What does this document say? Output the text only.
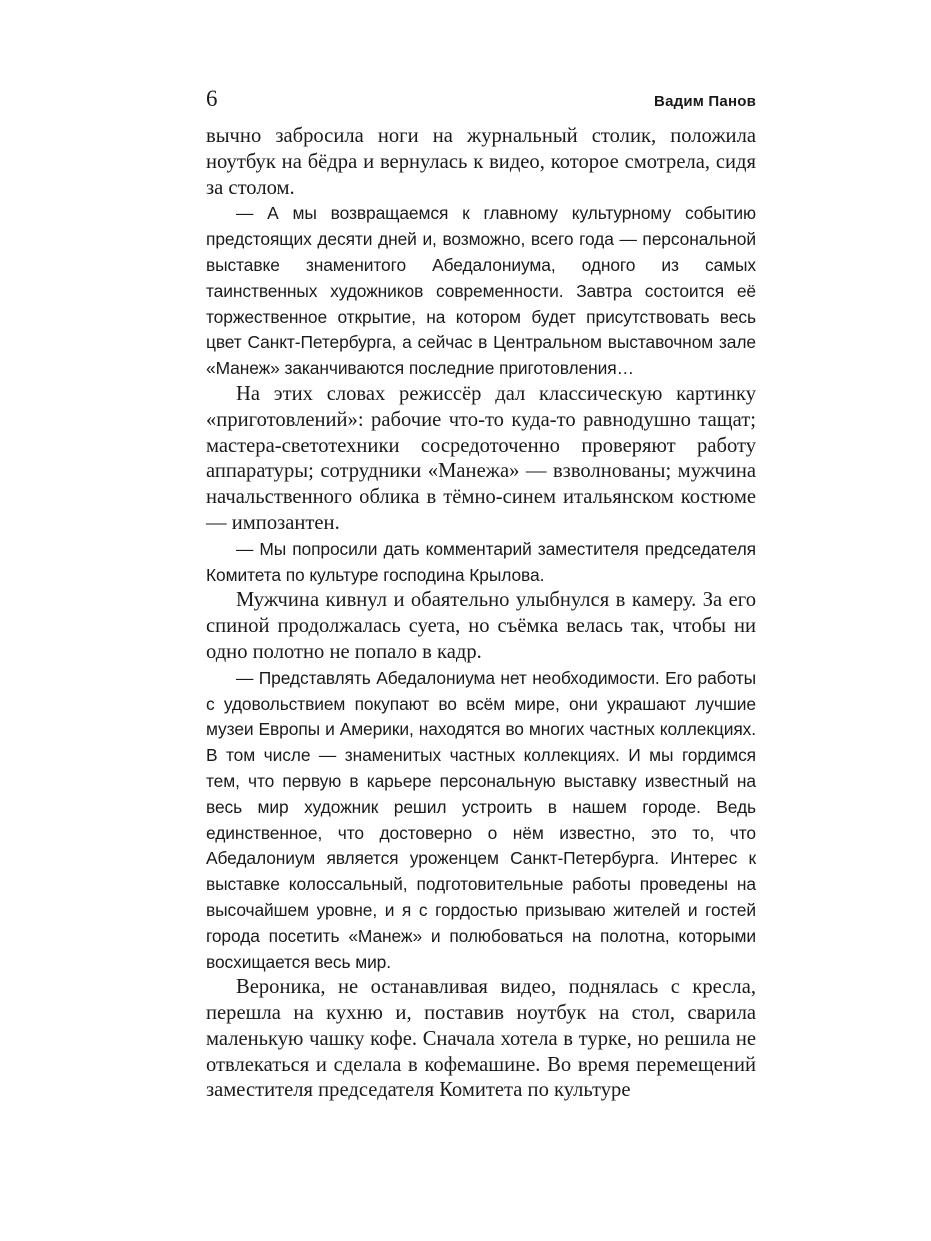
6	Вадим Панов

вычно забросила ноги на журнальный столик, положила ноутбук на бёдра и вернулась к видео, которое смотрела, сидя за столом.

— А мы возвращаемся к главному культурному событию предстоящих десяти дней и, возможно, всего года — персональной выставке знаменитого Абедалониума, одного из самых таинственных художников современности. Завтра состоится её торжественное открытие, на котором будет присутствовать весь цвет Санкт-Петербурга, а сейчас в Центральном выставочном зале «Манеж» заканчиваются последние приготовления…

На этих словах режиссёр дал классическую картинку «приготовлений»: рабочие что-то куда-то равнодушно тащат; мастера-светотехники сосредоточенно проверяют работу аппаратуры; сотрудники «Манежа» — взволнованы; мужчина начальственного облика в тёмно-синем итальянском костюме — импозантен.

— Мы попросили дать комментарий заместителя председателя Комитета по культуре господина Крылова.

Мужчина кивнул и обаятельно улыбнулся в камеру. За его спиной продолжалась суета, но съёмка велась так, чтобы ни одно полотно не попало в кадр.

— Представлять Абедалониума нет необходимости. Его работы с удовольствием покупают во всём мире, они украшают лучшие музеи Европы и Америки, находятся во многих частных коллекциях. В том числе — знаменитых частных коллекциях. И мы гордимся тем, что первую в карьере персональную выставку известный на весь мир художник решил устроить в нашем городе. Ведь единственное, что достоверно о нём известно, это то, что Абедалониум является уроженцем Санкт-Петербурга. Интерес к выставке колоссальный, подготовительные работы проведены на высочайшем уровне, и я с гордостью призываю жителей и гостей города посетить «Манеж» и полюбоваться на полотна, которыми восхищается весь мир.

Вероника, не останавливая видео, поднялась с кресла, перешла на кухню и, поставив ноутбук на стол, сварила маленькую чашку кофе. Сначала хотела в турке, но решила не отвлекаться и сделала в кофемашине. Во время перемещений заместителя председателя Комитета по культуре
